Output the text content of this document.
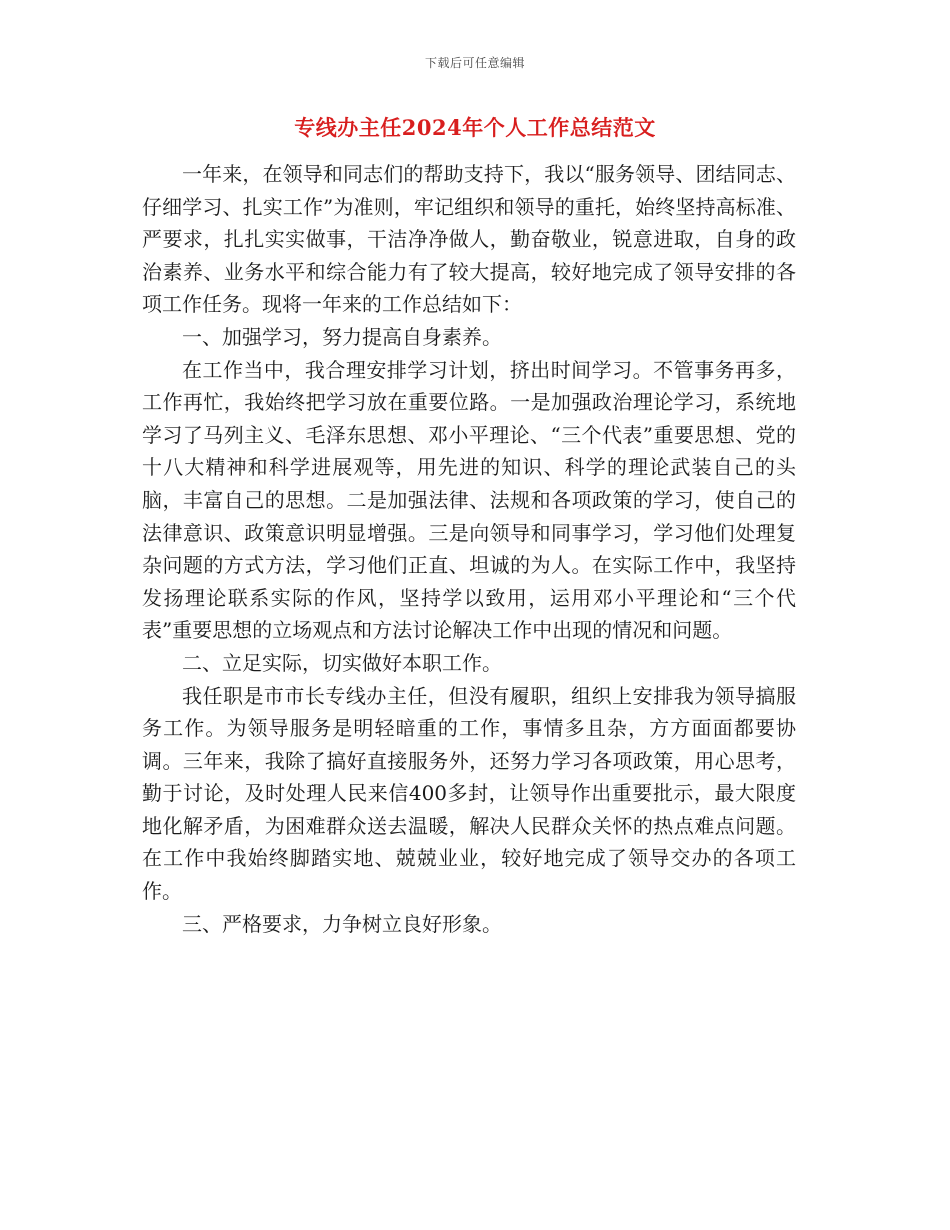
下载后可任意编辑
专线办主任2024年个人工作总结范文

一年来，在领导和同志们的帮助支持下，我以“服务领导、团结同志、仔细学习、扎实工作”为准则，牢记组织和领导的重托，始终坚持高标准、严要求，扎扎实实做事，干洁净净做人，勤奋敬业，锐意进取，自身的政治素养、业务水平和综合能力有了较大提高，较好地完成了领导安排的各项工作任务。现将一年来的工作总结如下：

一、加强学习，努力提高自身素养。

在工作当中，我合理安排学习计划，挤出时间学习。不管事务再多，工作再忙，我始终把学习放在重要位路。一是加强政治理论学习，系统地学习了马列主义、毛泽东思想、邓小平理论、“三个代表”重要思想、党的十八大精神和科学进展观等，用先进的知识、科学的理论武装自己的头脑，丰富自己的思想。二是加强法律、法规和各项政策的学习，使自己的法律意识、政策意识明显增强。三是向领导和同事学习，学习他们处理复杂问题的方式方法，学习他们正直、坦诚的为人。在实际工作中，我坚持发扬理论联系实际的作风，坚持学以致用，运用邓小平理论和“三个代表”重要思想的立场观点和方法讨论解决工作中出现的情况和问题。

二、立足实际，切实做好本职工作。

我任职是市市长专线办主任，但没有履职，组织上安排我为领导搞服务工作。为领导服务是明轻暗重的工作，事情多且杂，方方面面都要协调。三年来，我除了搞好直接服务外，还努力学习各项政策，用心思考，勤于讨论，及时处理人民来信400多封，让领导作出重要批示，最大限度地化解矛盾，为困难群众送去温暖，解决人民群众关怀的热点难点问题。在工作中我始终脚踏实地、兢兢业业，较好地完成了领导交办的各项工作。

三、严格要求，力争树立良好形象。
